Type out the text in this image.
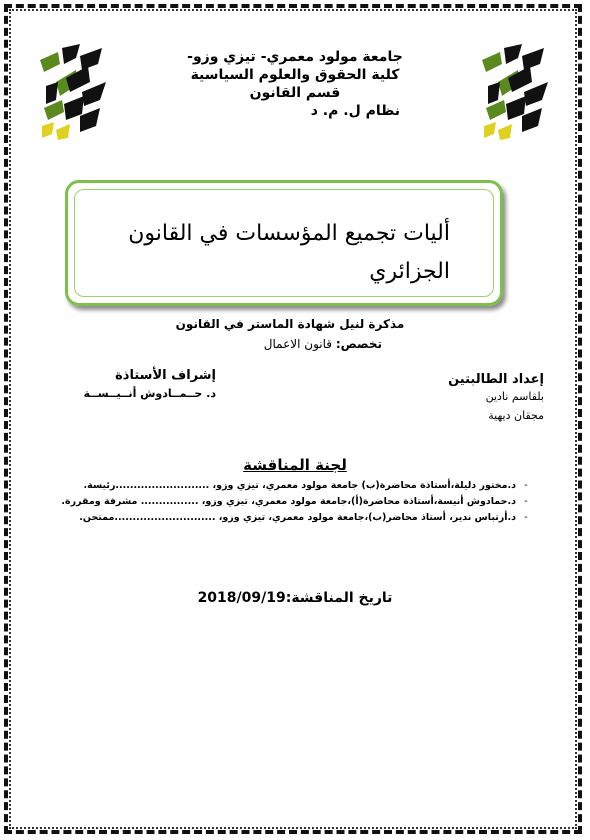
جامعة مولود معمري- تيزي وزو-
كلية الحقوق والعلوم السياسية
قسم القانون
نظام ل. م. د
أليات تجميع المؤسسات في القانون الجزائري
مذكرة لنيل شهادة الماستر في القانون
تخصص: قانون الاعمال
إعداد الطالبتين
بلقاسم نادين
مجقان ديهية
إشراف الأستاذة
د. حــمــادوش أنــيــســة
لجنة المناقشة
-
د.مختور دليلة،أستاذة محاضرة(ب) جامعة مولود معمري، تيزي وزو، ..........................رئيسة.
-
د.حمادوش أنيسة،أستاذة محاضرة(أ)،جامعة مولود معمري، تيزي وزو، ................ مشرفة ومقررة.
-
د.أرتباس ندير، أستاذ محاضر(ب)،جامعة مولود معمري، تيزي وزو، ............................ممتحن.
تاريخ المناقشة:2018/09/19
